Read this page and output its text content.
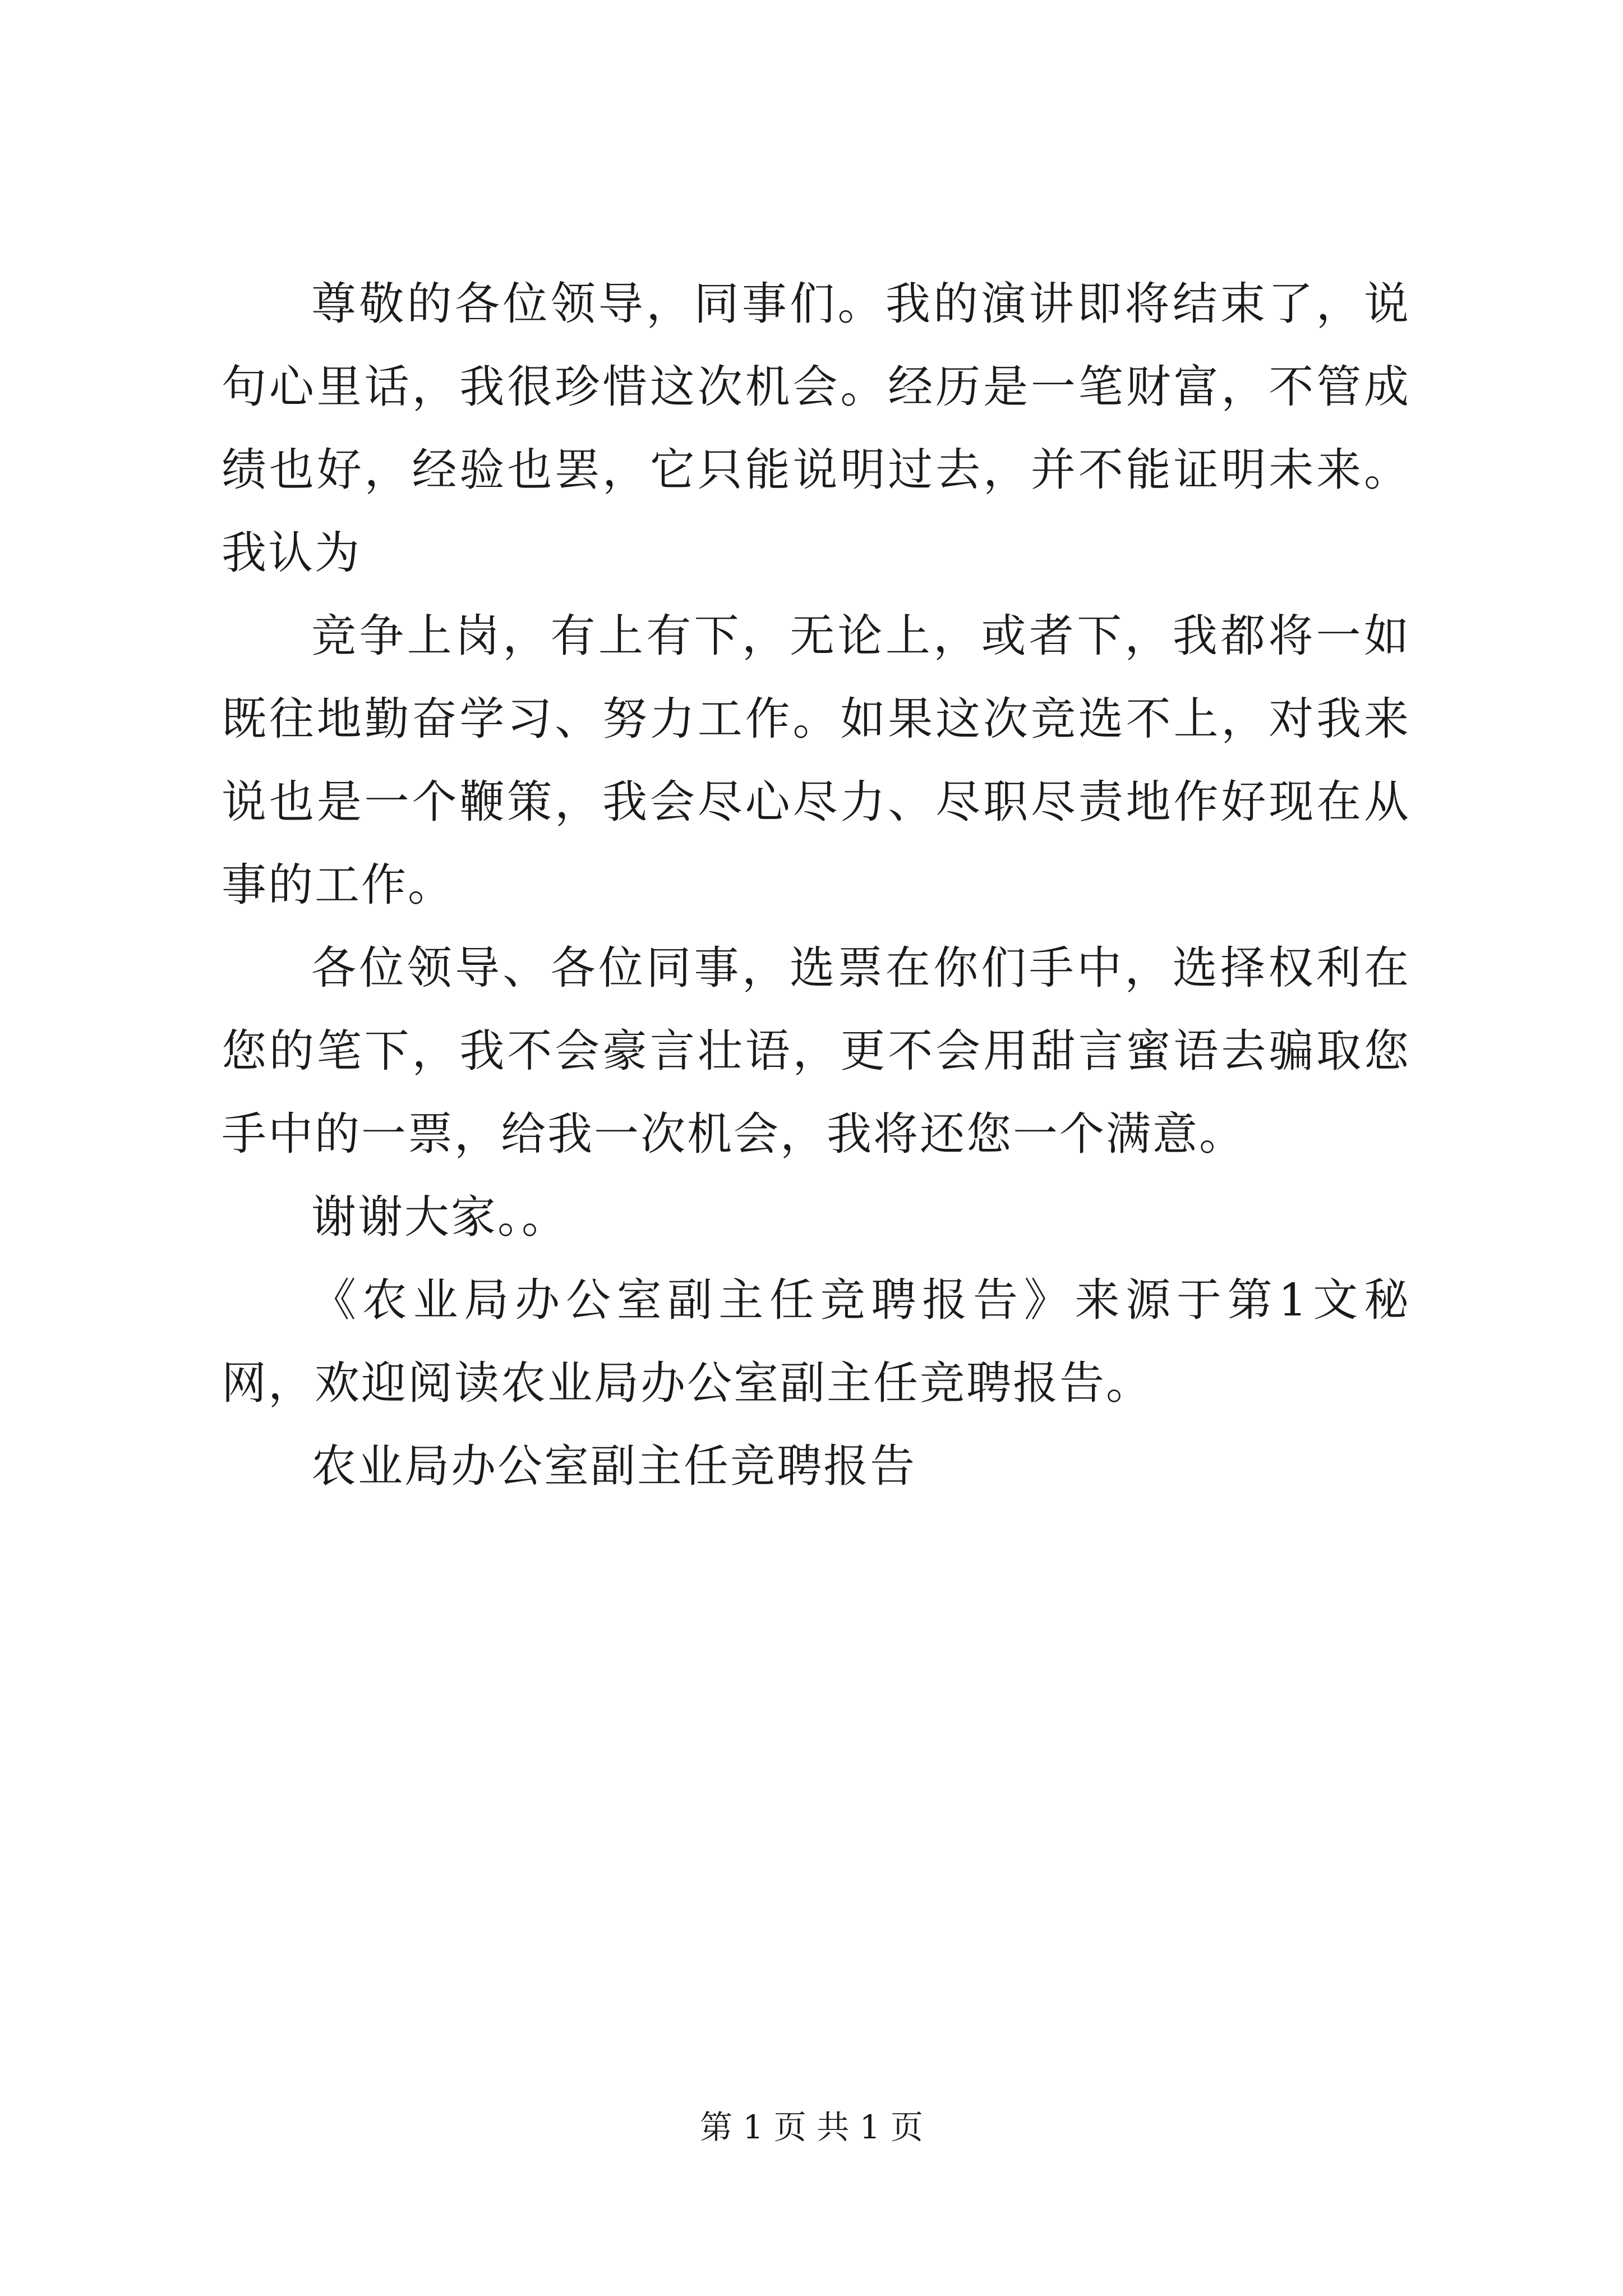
尊敬的各位领导，同事们。我的演讲即将结束了，说句心里话，我很珍惜这次机会。经历是一笔财富，不管成绩也好，经验也罢，它只能说明过去，并不能证明未来。我认为

竞争上岗，有上有下，无论上，或者下，我都将一如既往地勤奋学习、努力工作。如果这次竞选不上，对我来说也是一个鞭策，我会尽心尽力、尽职尽责地作好现在从事的工作。

各位领导、各位同事，选票在你们手中，选择权利在您的笔下，我不会豪言壮语，更不会用甜言蜜语去骗取您手中的一票，给我一次机会，我将还您一个满意。

谢谢大家。。

《农业局办公室副主任竞聘报告》来源于第1文秘网，欢迎阅读农业局办公室副主任竞聘报告。

农业局办公室副主任竞聘报告

第 1 页 共 1 页
